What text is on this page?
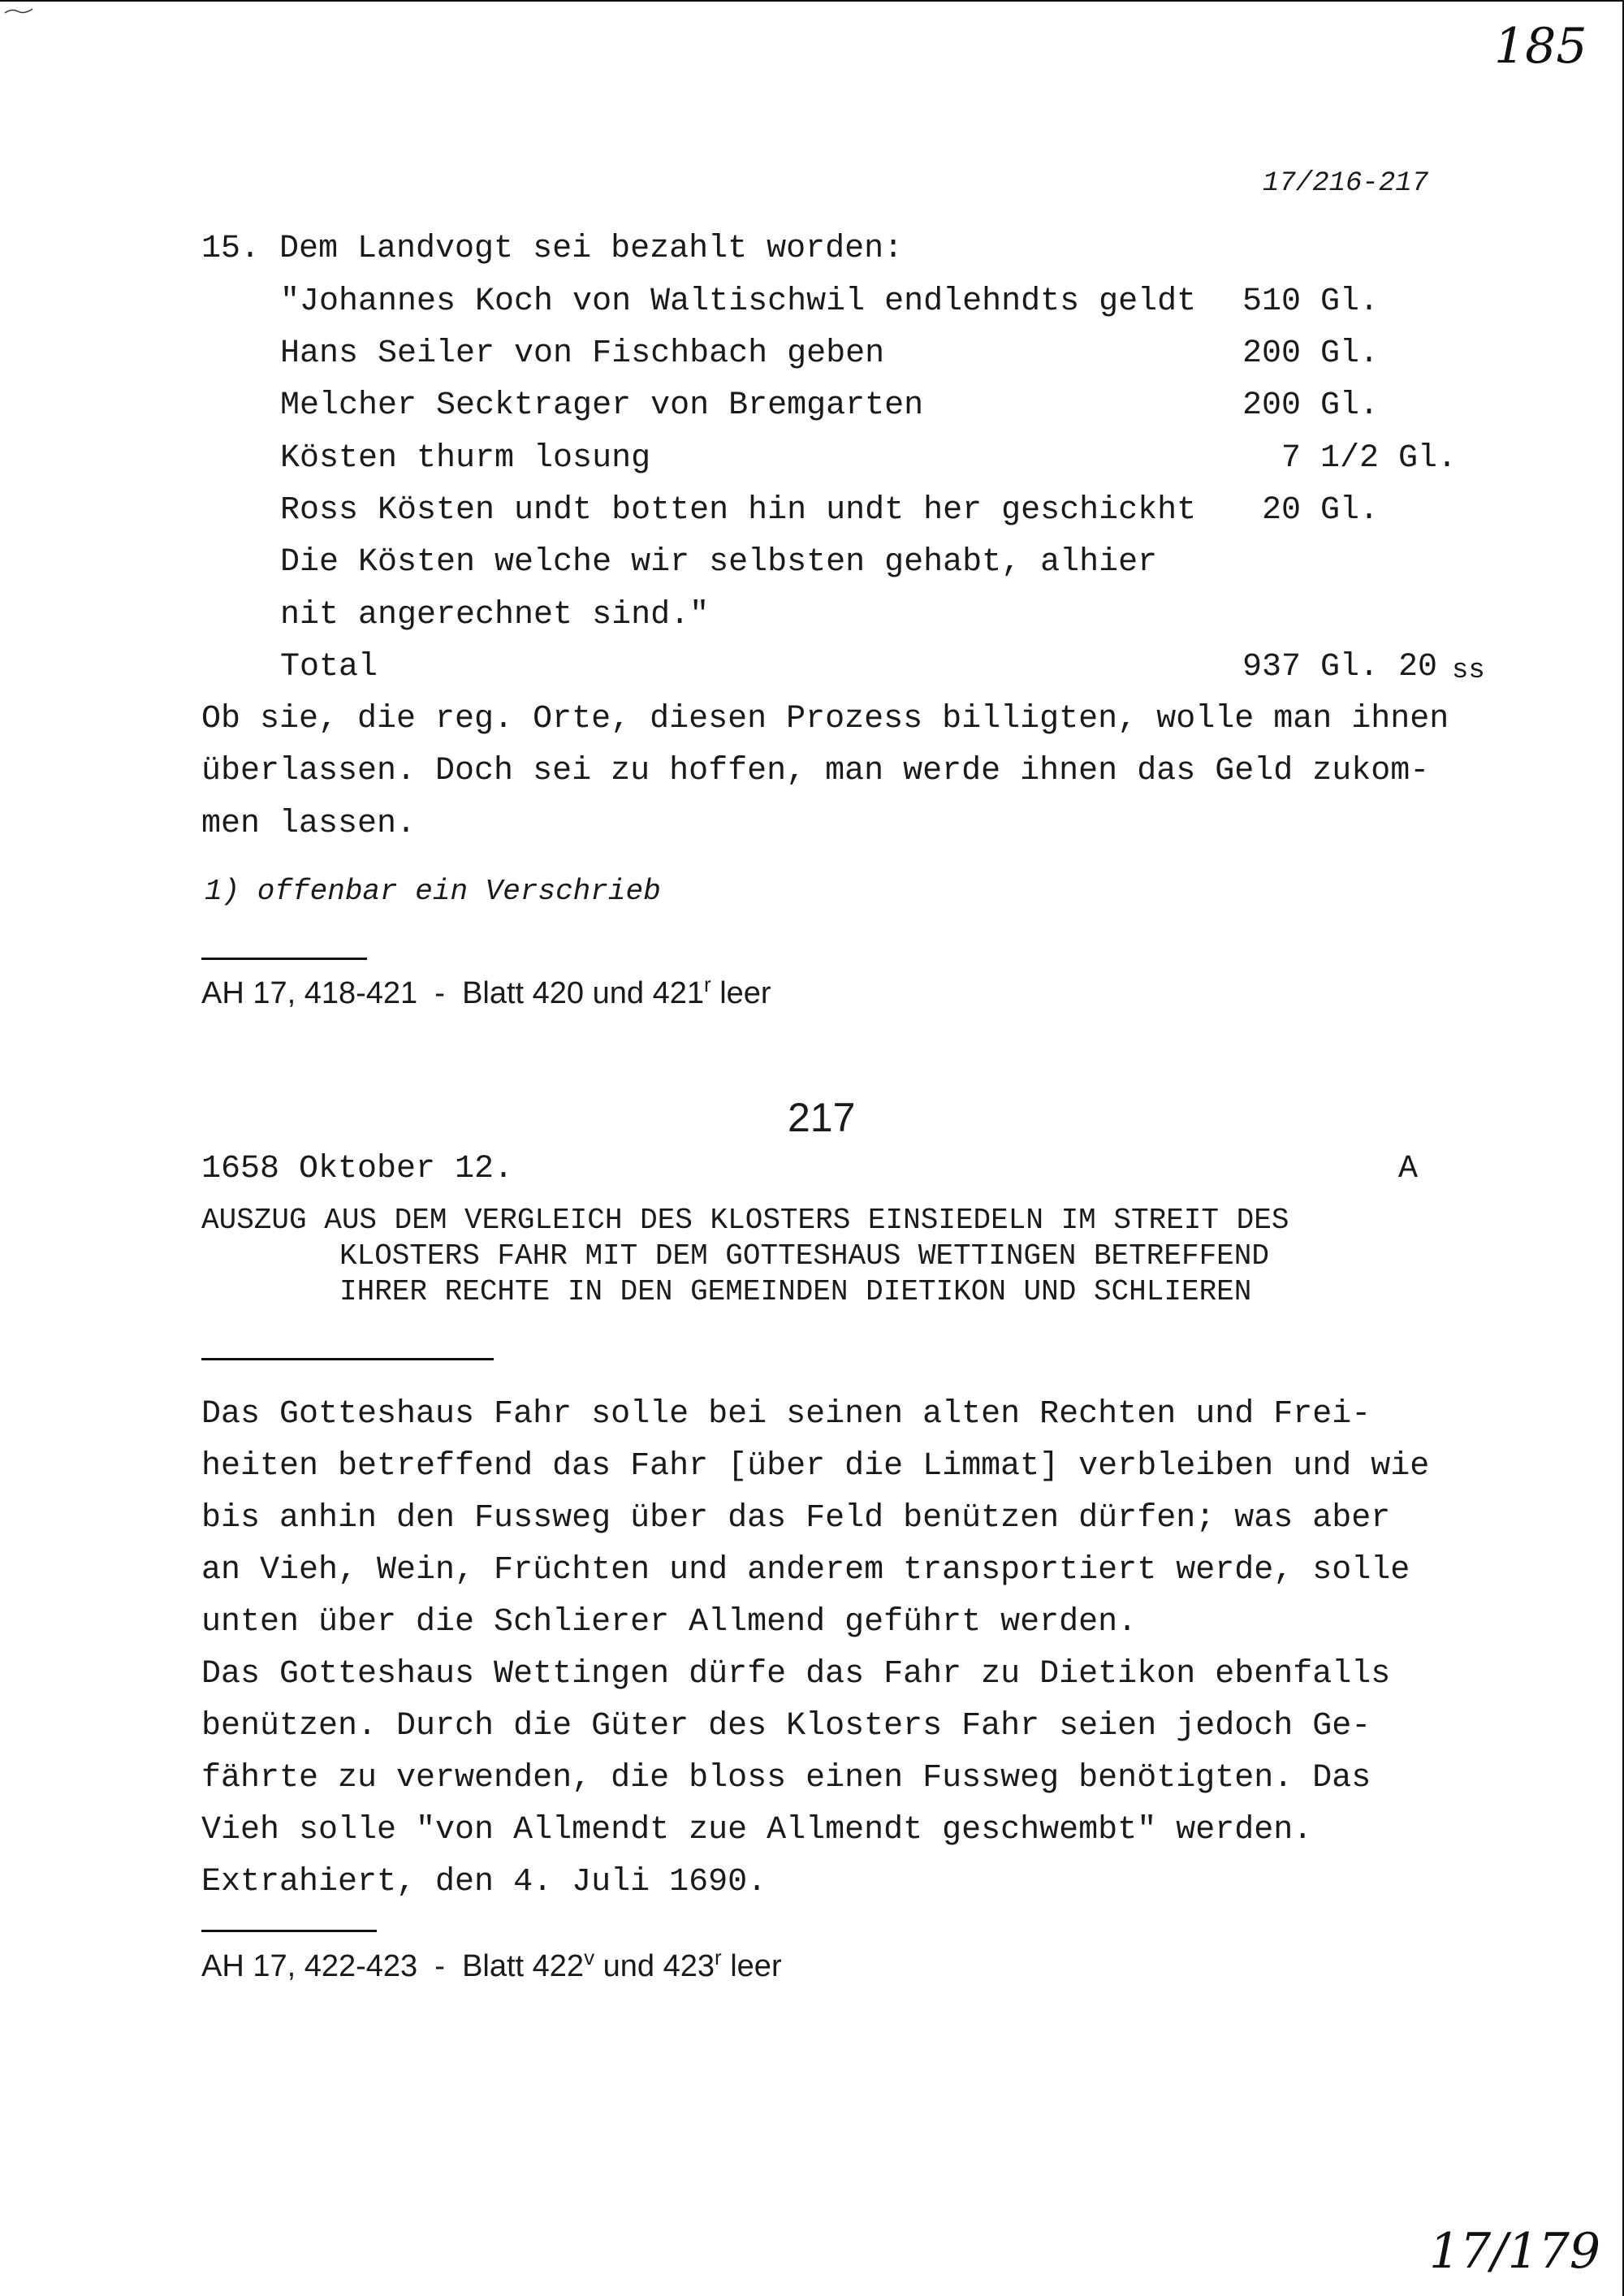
185
17/216-217
15. Dem Landvogt sei bezahlt worden:
"Johannes Koch von Waltischwil endlehndts geldt 510 Gl.
Hans Seiler von Fischbach geben	200 Gl.
Melcher Secktrager von Bremgarten	200 Gl.
Kösten thurm losung	7 1/2 Gl.
Ross Kösten undt botten hin undt her geschickht 20 Gl.
Die Kösten welche wir selbsten gehabt, alhier
nit angerechnet sind."
Total	937 Gl. 20 ss
Ob sie, die reg. Orte, diesen Prozess billigten, wolle man ihnen
überlassen. Doch sei zu hoffen, man werde ihnen das Geld zukom-
men lassen.
1) offenbar ein Verschrieb
AH 17, 418-421  -  Blatt 420 und 421$^r$ leer
217
1658 Oktober 12.	A
AUSZUG AUS DEM VERGLEICH DES KLOSTERS EINSIEDELN IM STREIT DES
KLOSTERS FAHR MIT DEM GOTTESHAUS WETTINGEN BETREFFEND
IHRER RECHTE IN DEN GEMEINDEN DIETIKON UND SCHLIEREN
Das Gotteshaus Fahr solle bei seinen alten Rechten und Frei-
heiten betreffend das Fahr [über die Limmat] verbleiben und wie
bis anhin den Fussweg über das Feld benützen dürfen; was aber
an Vieh, Wein, Früchten und anderem transportiert werde, solle
unten über die Schlierer Allmend geführt werden.
Das Gotteshaus Wettingen dürfe das Fahr zu Dietikon ebenfalls
benützen. Durch die Güter des Klosters Fahr seien jedoch Ge-
fährte zu verwenden, die bloss einen Fussweg benötigten. Das
Vieh solle "von Allmendt zue Allmendt geschwembt" werden.
Extrahiert, den 4. Juli 1690.
AH 17, 422-423  -  Blatt 422$^v$ und 423$^r$ leer
17/179
